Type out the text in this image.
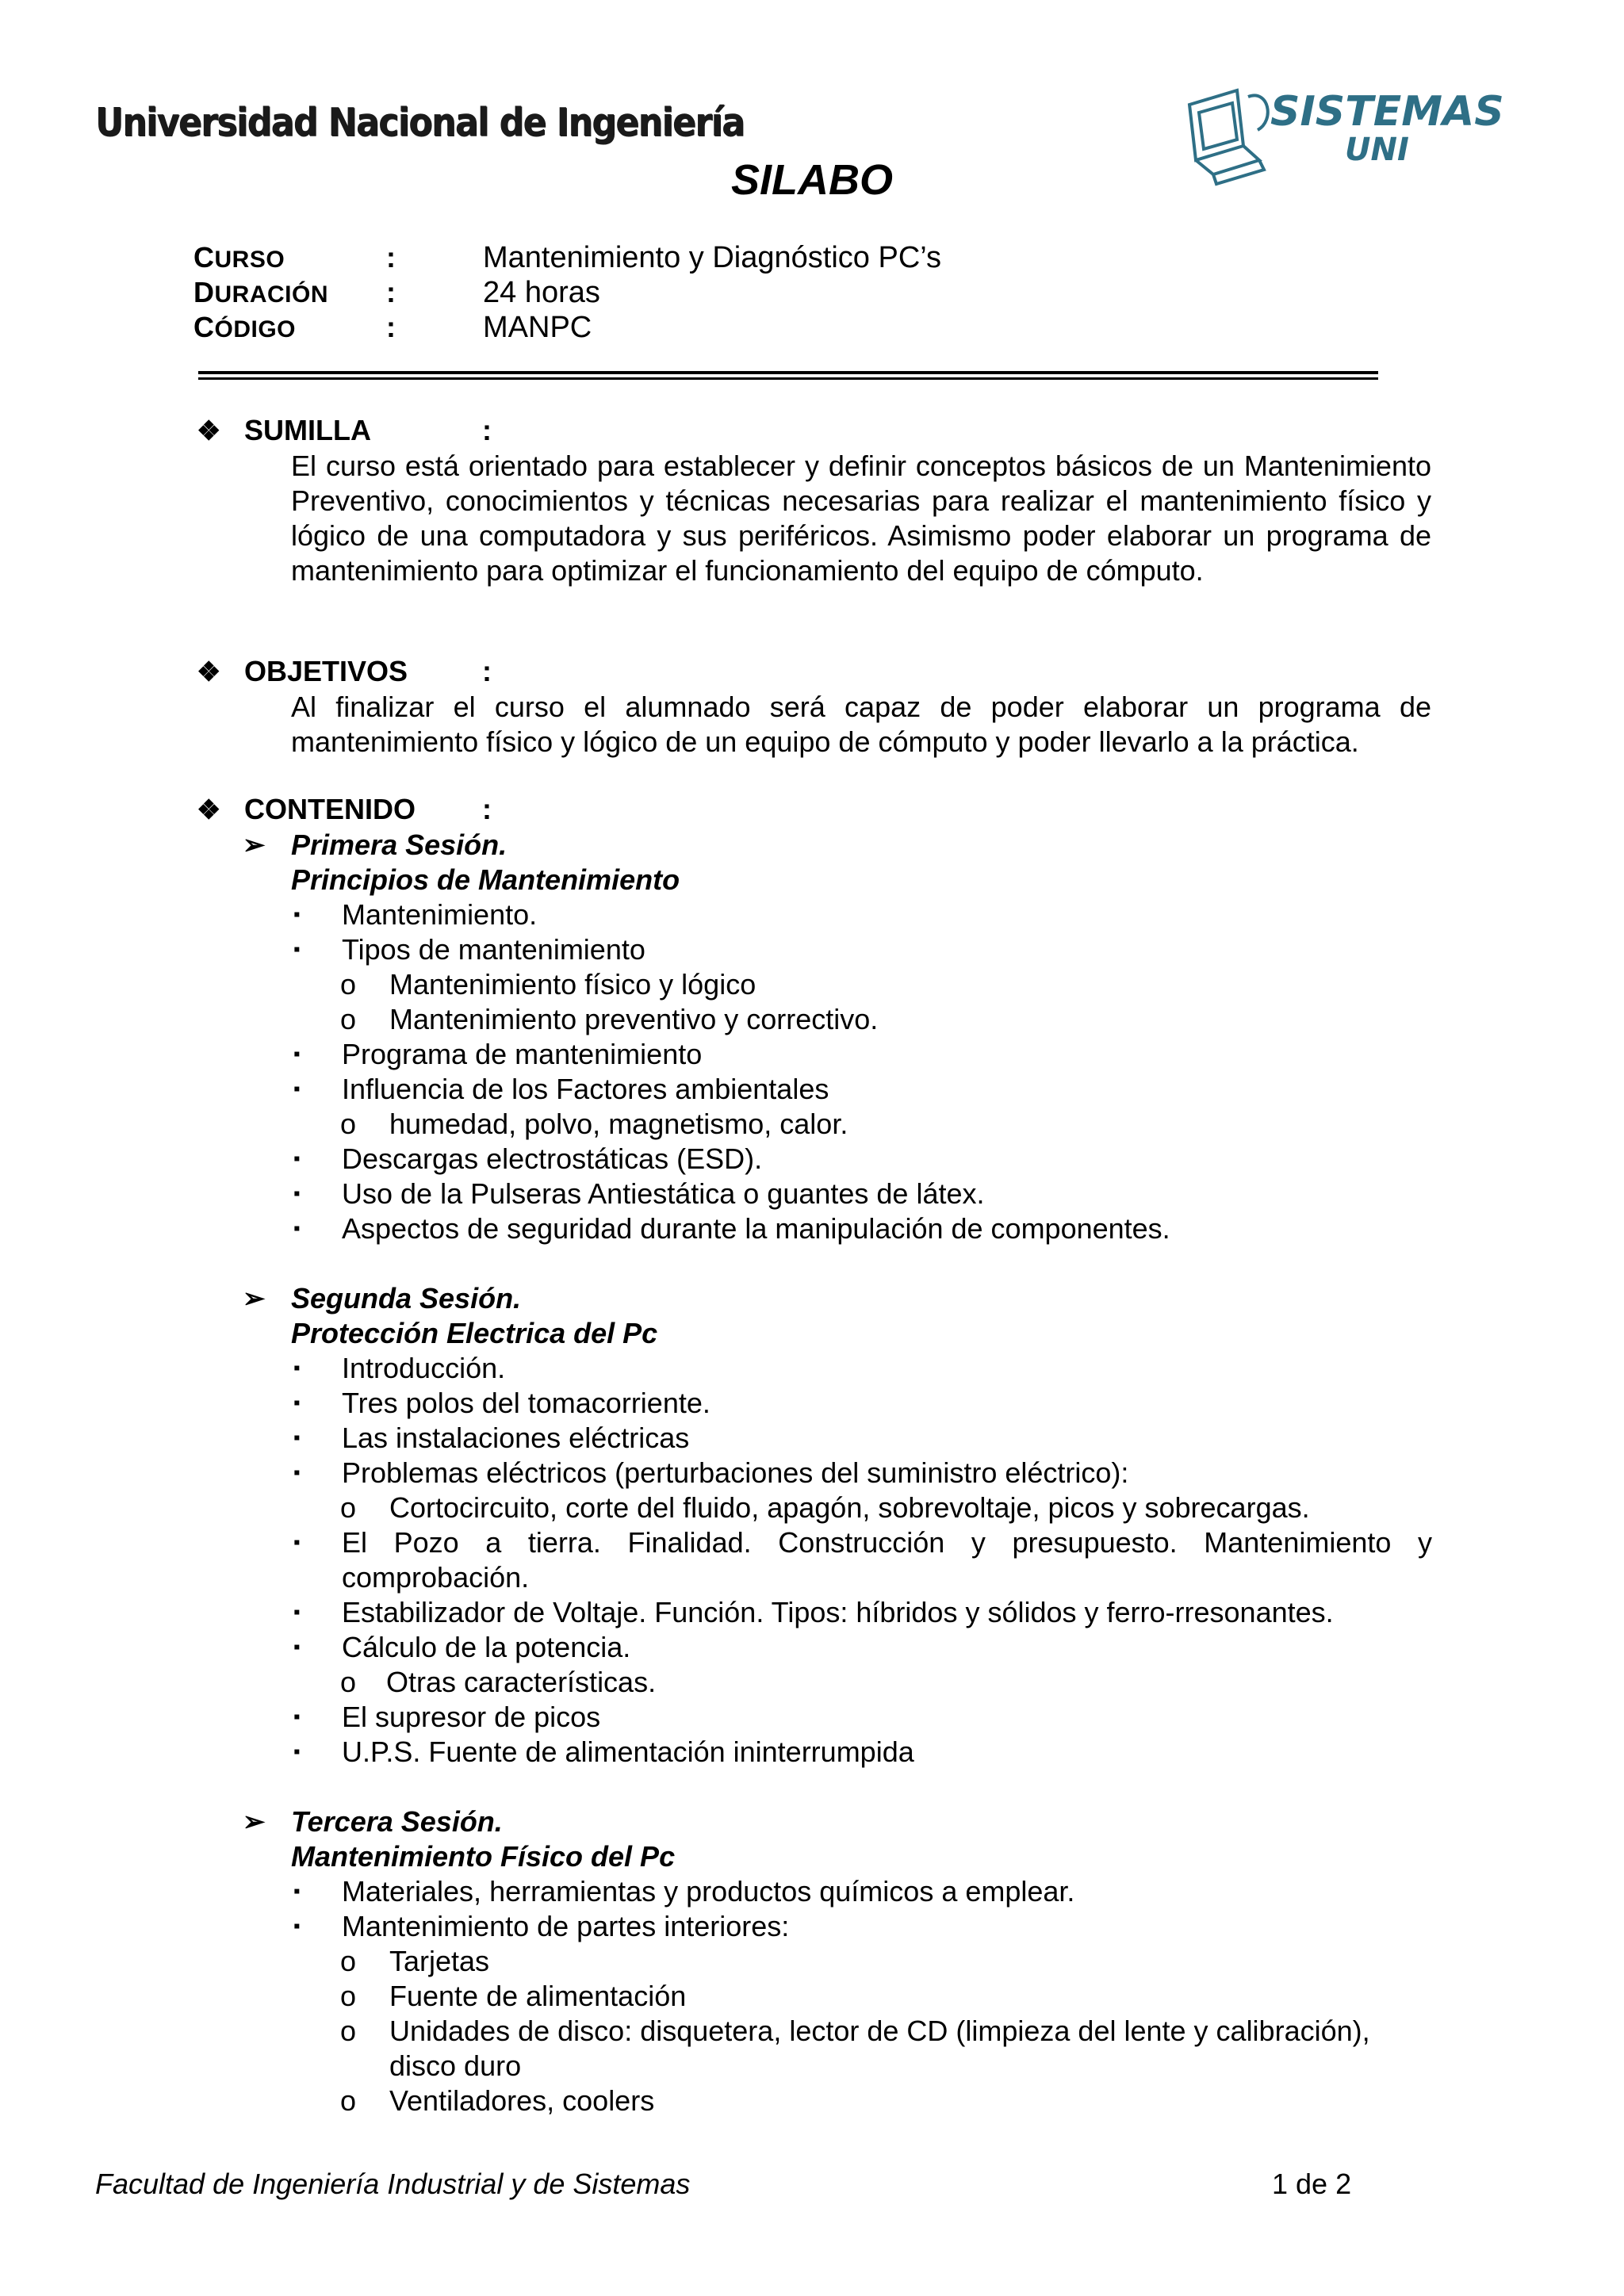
Universidad Nacional de Ingeniería	SISTEMAS
UNI
SILABO
CURSO	:	Mantenimiento y Diagnóstico PC’s
DURACIÓN	:	24 horas
CÓDIGO	:	MANPC
❖ SUMILLA	:
El curso está orientado para establecer y definir conceptos básicos de un Mantenimiento Preventivo, conocimientos y técnicas necesarias para realizar el mantenimiento físico y lógico de una computadora y sus periféricos. Asimismo poder elaborar un programa de mantenimiento para optimizar el funcionamiento del equipo de cómputo.
❖ OBJETIVOS	:
Al finalizar el curso el alumnado será capaz de poder elaborar un programa de mantenimiento físico y lógico de un equipo de cómputo y poder llevarlo a la práctica.
❖ CONTENIDO	:
➢ Primera Sesión.
Principios de Mantenimiento
▪	Mantenimiento.
▪	Tipos de mantenimiento
o	Mantenimiento físico y lógico
o	Mantenimiento preventivo y correctivo.
▪	Programa de mantenimiento
▪	Influencia de los Factores ambientales
o	humedad, polvo, magnetismo, calor.
▪	Descargas electrostáticas (ESD).
▪	Uso de la Pulseras Antiestática o guantes de látex.
▪	Aspectos de seguridad durante la manipulación de componentes.
➢ Segunda Sesión.
Protección Electrica del Pc
▪	Introducción.
▪	Tres polos del tomacorriente.
▪	Las instalaciones eléctricas
▪	Problemas eléctricos (perturbaciones del suministro eléctrico):
o	Cortocircuito, corte del fluido, apagón, sobrevoltaje, picos y sobrecargas.
▪	El Pozo a tierra. Finalidad. Construcción y presupuesto. Mantenimiento y comprobación.
▪	Estabilizador de Voltaje. Función. Tipos: híbridos y sólidos y ferro-rresonantes.
▪	Cálculo de la potencia.
o	Otras características.
▪	El supresor de picos
▪	U.P.S. Fuente de alimentación ininterrumpida
➢ Tercera Sesión.
Mantenimiento Físico del Pc
▪	Materiales, herramientas y productos químicos a emplear.
▪	Mantenimiento de partes interiores:
o	Tarjetas
o	Fuente de alimentación
o	Unidades de disco: disquetera, lector de CD (limpieza del lente y calibración),
disco duro
o	Ventiladores, coolers
Facultad de Ingeniería Industrial y de Sistemas	1 de 2
